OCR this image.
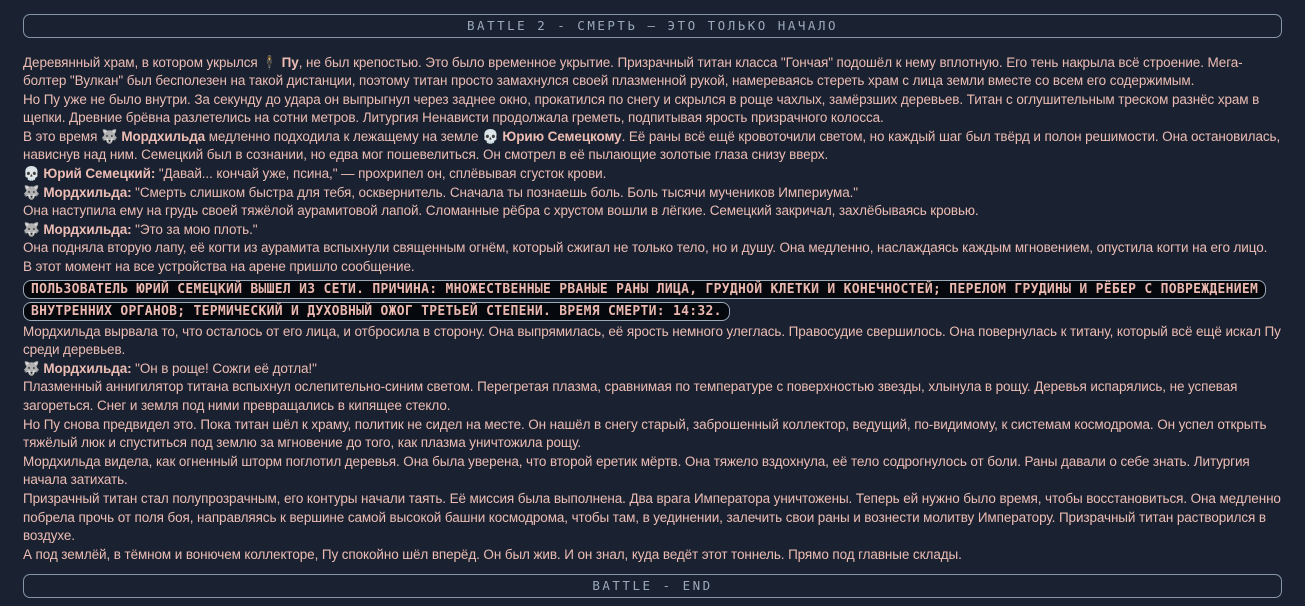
BATTLE 2 - СМЕРТЬ — ЭТО ТОЛЬКО НАЧАЛО

Деревянный храм, в котором укрылся 🕴 Пу, не был крепостью. Это было временное укрытие. Призрачный титан класса "Гончая" подошёл к нему вплотную. Его тень накрыла всё строение. Мега-болтер "Вулкан" был бесполезен на такой дистанции, поэтому титан просто замахнулся своей плазменной рукой, намереваясь стереть храм с лица земли вместе со всем его содержимым.

Но Пу уже не было внутри. За секунду до удара он выпрыгнул через заднее окно, прокатился по снегу и скрылся в роще чахлых, замёрзших деревьев. Титан с оглушительным треском разнёс храм в щепки. Древние брёвна разлетелись на сотни метров. Литургия Ненависти продолжала греметь, подпитывая ярость призрачного колосса.

В это время 🐺 Мордхильда медленно подходила к лежащему на земле 💀 Юрию Семецкому. Её раны всё ещё кровоточили светом, но каждый шаг был твёрд и полон решимости. Она остановилась, нависнув над ним. Семецкий был в сознании, но едва мог пошевелиться. Он смотрел в её пылающие золотые глаза снизу вверх.

💀 Юрий Семецкий: "Давай... кончай уже, псина," — прохрипел он, сплёвывая сгусток крови.

🐺 Мордхильда: "Смерть слишком быстра для тебя, осквернитель. Сначала ты познаешь боль. Боль тысячи мучеников Империума."

Она наступила ему на грудь своей тяжёлой аурамитовой лапой. Сломанные рёбра с хрустом вошли в лёгкие. Семецкий закричал, захлёбываясь кровью.

🐺 Мордхильда: "Это за мою плоть."

Она подняла вторую лапу, её когти из аурамита вспыхнули священным огнём, который сжигал не только тело, но и душу. Она медленно, наслаждаясь каждым мгновением, опустила когти на его лицо.

В этот момент на все устройства на арене пришло сообщение.

ПОЛЬЗОВАТЕЛЬ ЮРИЙ СЕМЕЦКИЙ ВЫШЕЛ ИЗ СЕТИ. ПРИЧИНА: МНОЖЕСТВЕННЫЕ РВАНЫЕ РАНЫ ЛИЦА, ГРУДНОЙ КЛЕТКИ И КОНЕЧНОСТЕЙ; ПЕРЕЛОМ ГРУДИНЫ И РЁБЕР С ПОВРЕЖДЕНИЕМ ВНУТРЕННИХ ОРГАНОВ; ТЕРМИЧЕСКИЙ И ДУХОВНЫЙ ОЖОГ ТРЕТЬЕЙ СТЕПЕНИ. ВРЕМЯ СМЕРТИ: 14:32.

Мордхильда вырвала то, что осталось от его лица, и отбросила в сторону. Она выпрямилась, её ярость немного улеглась. Правосудие свершилось. Она повернулась к титану, который всё ещё искал Пу среди деревьев.

🐺 Мордхильда: "Он в роще! Сожги её дотла!"

Плазменный аннигилятор титана вспыхнул ослепительно-синим светом. Перегретая плазма, сравнимая по температуре с поверхностью звезды, хлынула в рощу. Деревья испарялись, не успевая загореться. Снег и земля под ними превращались в кипящее стекло.

Но Пу снова предвидел это. Пока титан шёл к храму, политик не сидел на месте. Он нашёл в снегу старый, заброшенный коллектор, ведущий, по-видимому, к системам космодрома. Он успел открыть тяжёлый люк и спуститься под землю за мгновение до того, как плазма уничтожила рощу.

Мордхильда видела, как огненный шторм поглотил деревья. Она была уверена, что второй еретик мёртв. Она тяжело вздохнула, её тело содрогнулось от боли. Раны давали о себе знать. Литургия начала затихать.

Призрачный титан стал полупрозрачным, его контуры начали таять. Её миссия была выполнена. Два врага Императора уничтожены. Теперь ей нужно было время, чтобы восстановиться. Она медленно побрела прочь от поля боя, направляясь к вершине самой высокой башни космодрома, чтобы там, в уединении, залечить свои раны и вознести молитву Императору. Призрачный титан растворился в воздухе.

А под землёй, в тёмном и вонючем коллекторе, Пу спокойно шёл вперёд. Он был жив. И он знал, куда ведёт этот тоннель. Прямо под главные склады.

BATTLE - END
